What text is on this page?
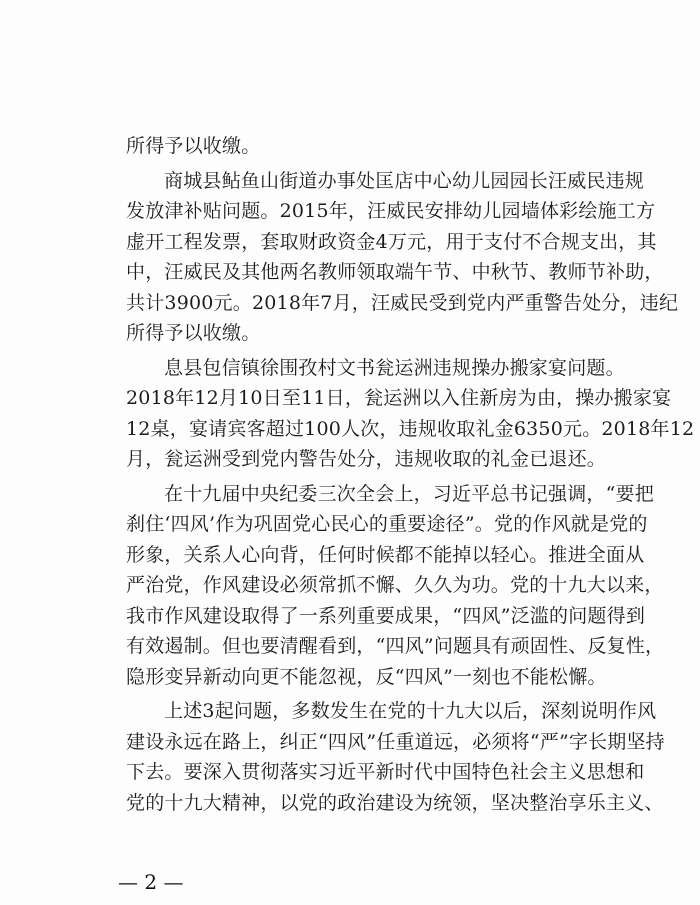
所得予以收缴。
商城县鲇鱼山街道办事处匡店中心幼儿园园长汪威民违规
发放津补贴问题。2015年，汪威民安排幼儿园墙体彩绘施工方
虚开工程发票，套取财政资金4万元，用于支付不合规支出，其
中，汪威民及其他两名教师领取端午节、中秋节、教师节补助，
共计3900元。2018年7月，汪威民受到党内严重警告处分，违纪
所得予以收缴。
息县包信镇徐围孜村文书瓮运洲违规操办搬家宴问题。
2018年12月10日至11日，瓮运洲以入住新房为由，操办搬家宴
12桌，宴请宾客超过100人次，违规收取礼金6350元。2018年12
月，瓮运洲受到党内警告处分，违规收取的礼金已退还。
在十九届中央纪委三次全会上，习近平总书记强调，“要把
刹住‘四风’作为巩固党心民心的重要途径”。党的作风就是党的
形象，关系人心向背，任何时候都不能掉以轻心。推进全面从
严治党，作风建设必须常抓不懈、久久为功。党的十九大以来，
我市作风建设取得了一系列重要成果，“四风”泛滥的问题得到
有效遏制。但也要清醒看到，“四风”问题具有顽固性、反复性，
隐形变异新动向更不能忽视，反“四风”一刻也不能松懈。
上述3起问题，多数发生在党的十九大以后，深刻说明作风
建设永远在路上，纠正“四风”任重道远，必须将“严”字长期坚持
下去。要深入贯彻落实习近平新时代中国特色社会主义思想和
党的十九大精神，以党的政治建设为统领，坚决整治享乐主义、
— 2 —
